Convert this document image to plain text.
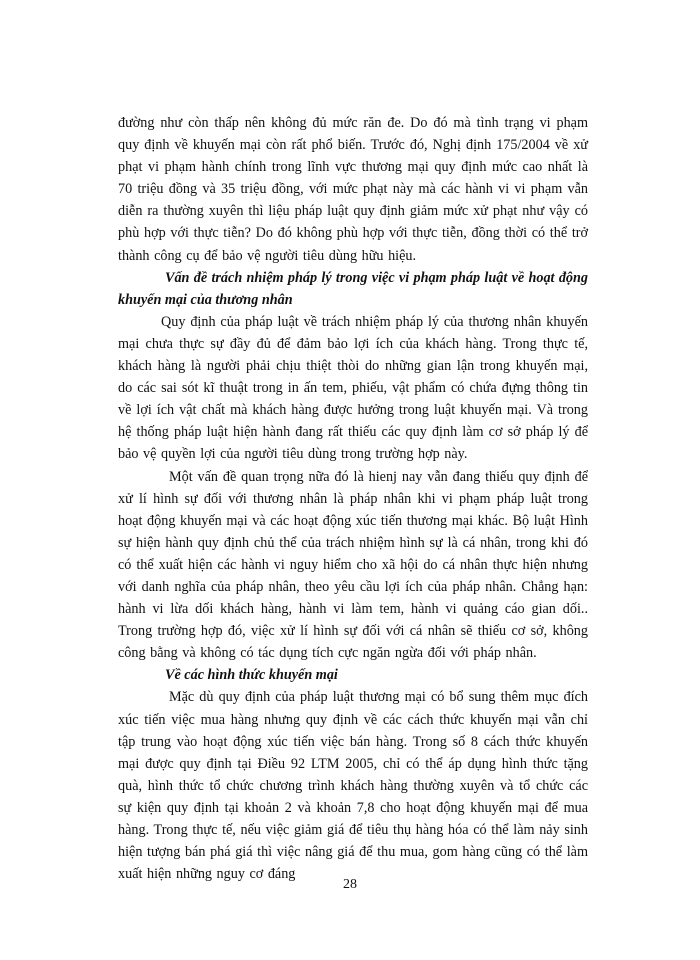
đường như còn thấp nên không đủ mức răn đe. Do đó mà tình trạng vi phạm quy định về khuyến mại còn rất phổ biến. Trước đó, Nghị định 175/2004 về xử phạt vi phạm hành chính trong lĩnh vực thương mại quy định mức cao nhất là 70 triệu đồng và 35 triệu đồng, với mức phạt này mà các hành vi vi phạm vẫn diễn ra thường xuyên thì liệu pháp luật quy định giảm mức xử phạt như vậy có phù hợp với thực tiễn? Do đó không phù hợp với thực tiễn, đồng thời có thể trở thành công cụ để bảo vệ người tiêu dùng hữu hiệu.

Vấn đề trách nhiệm pháp lý trong việc vi phạm pháp luật về hoạt động khuyến mại của thương nhân

Quy định của pháp luật về trách nhiệm pháp lý của thương nhân khuyến mại chưa thực sự đầy đủ để đảm bảo lợi ích của khách hàng. Trong thực tế, khách hàng là người phải chịu thiệt thòi do những gian lận trong khuyến mại, do các sai sót kĩ thuật trong in ấn tem, phiếu, vật phẩm có chứa đựng thông tin về lợi ích vật chất mà khách hàng được hưởng trong luật khuyến mại. Và trong hệ thống pháp luật hiện hành đang rất thiếu các quy định làm cơ sở pháp lý để bảo vệ quyền lợi của người tiêu dùng trong trường hợp này.

Một vấn đề quan trọng nữa đó là hienj nay vẫn đang thiếu quy định để xử lí hình sự đối với thương nhân là pháp nhân khi vi phạm pháp luật trong hoạt động khuyến mại và các hoạt động xúc tiến thương mại khác. Bộ luật Hình sự hiện hành quy định chủ thể của trách nhiệm hình sự là cá nhân, trong khi đó có thể xuất hiện các hành vi nguy hiểm cho xã hội do cá nhân thực hiện nhưng với danh nghĩa của pháp nhân, theo yêu cầu lợi ích của pháp nhân. Chẳng hạn: hành vi lừa dối khách hàng, hành vi làm tem, hành vi quảng cáo gian dối.. Trong trường hợp đó, việc xử lí hình sự đối với cá nhân sẽ thiếu cơ sở, không công bằng và không có tác dụng tích cực ngăn ngừa đối với pháp nhân.

Về các hình thức khuyến mại

Mặc dù quy định của pháp luật thương mại có bổ sung thêm mục đích xúc tiến việc mua hàng nhưng quy định về các cách thức khuyến mại vẫn chỉ tập trung vào hoạt động xúc tiến việc bán hàng. Trong số 8 cách thức khuyến mại được quy định tại Điều 92 LTM 2005, chỉ có thể áp dụng hình thức tặng quà, hình thức tổ chức chương trình khách hàng thường xuyên và tổ chức các sự kiện quy định tại khoản 2 và khoản 7,8 cho hoạt động khuyến mại để mua hàng. Trong thực tế, nếu việc giảm giá để tiêu thụ hàng hóa có thể làm nảy sinh hiện tượng bán phá giá thì việc nâng giá để thu mua, gom hàng cũng có thể làm xuất hiện những nguy cơ đáng

28
